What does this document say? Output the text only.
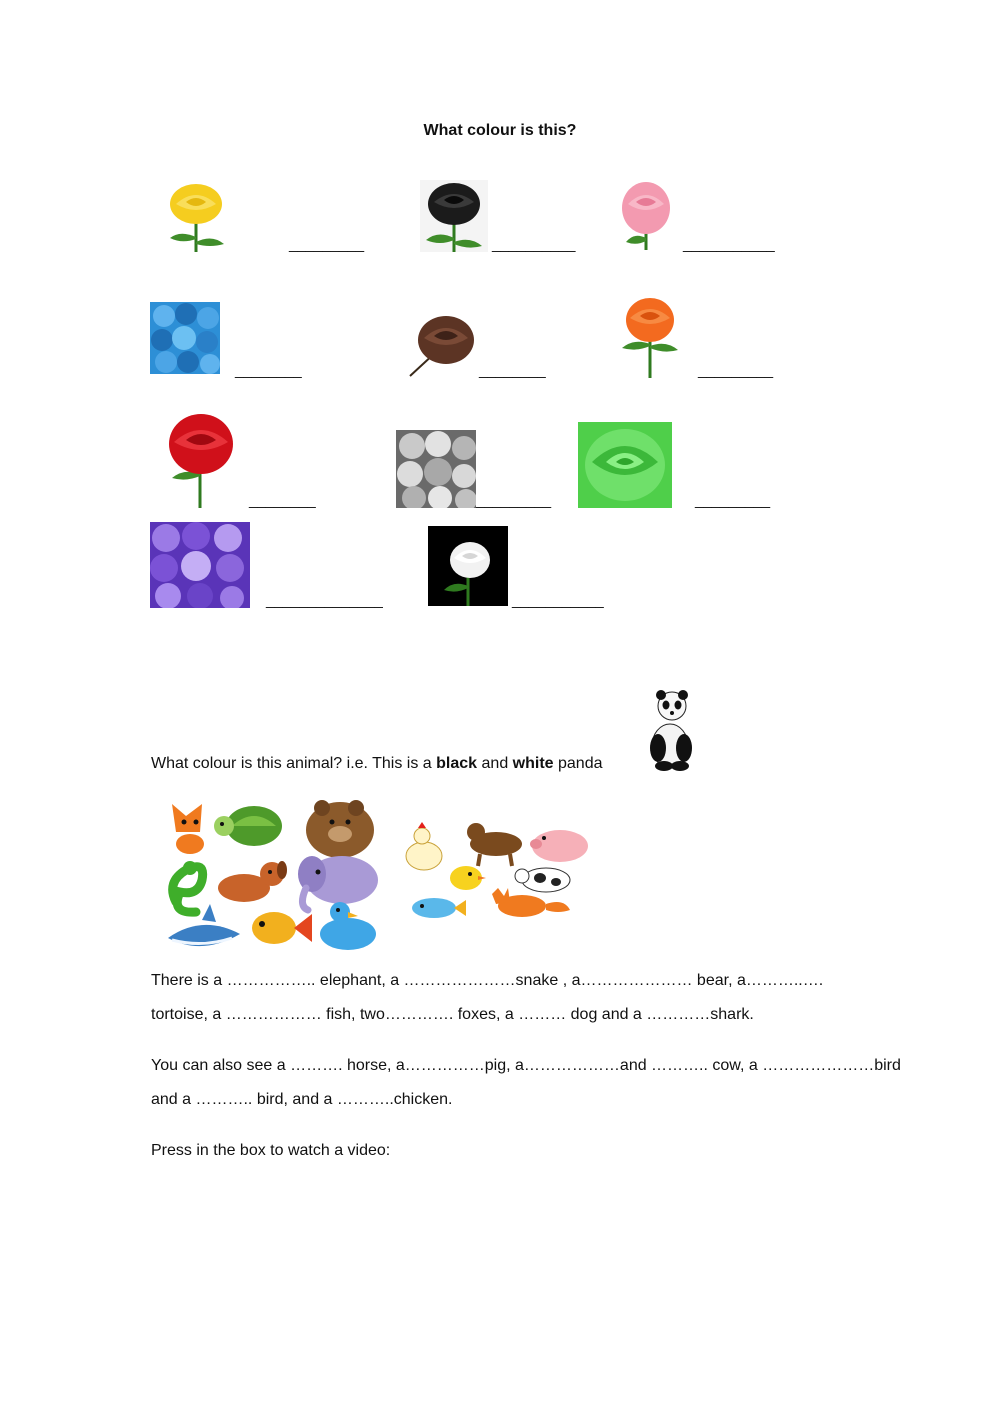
What colour is this?
_________	__________	___________
________	________	_________
________	_________	_________
______________	___________
What colour is this animal? i.e. This is a black and white panda
There is a …………….. elephant, a …………………snake , a………………… bear, a………..….
tortoise, a ……………… fish, two…………. foxes, a ……… dog and a …………shark.
You can also see a ………. horse, a……………pig, a………………and ……….. cow, a …………………bird
and a ……….. bird, and a ………..chicken.
Press in the box to watch a video:
